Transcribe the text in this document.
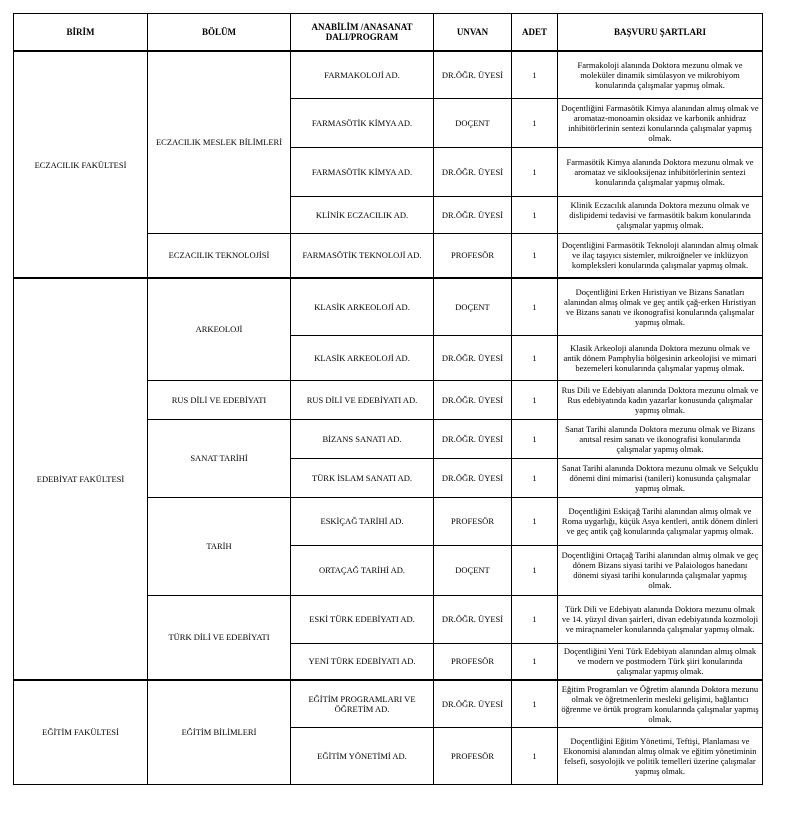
BİRİM	BÖLÜM	ANABİLİM /ANASANAT DALI/PROGRAM	UNVAN	ADET	BAŞVURU ŞARTLARI
ECZACILIK FAKÜLTESİ	ECZACILIK MESLEK BİLİMLERİ	FARMAKOLOJİ AD.	DR.ÖĞR. ÜYESİ	1	Farmakoloji alanında Doktora mezunu olmak ve moleküler dinamik simülasyon ve mikrobiyom konularında çalışmalar yapmış olmak.
		FARMASÖTİK KİMYA AD.	DOÇENT	1	Doçentliğini Farmasötik Kimya alanından almış olmak ve aromataz-monoamin oksidaz ve karbonik anhidraz inhibitörlerinin sentezi konularında çalışmalar yapmış olmak.
		FARMASÖTİK KİMYA AD.	DR.ÖĞR. ÜYESİ	1	Farmasötik Kimya alanında Doktora mezunu olmak ve aromataz ve siklooksijenaz inhibitörlerinin sentezi konularında çalışmalar yapmış olmak.
		KLİNİK ECZACILIK AD.	DR.ÖĞR. ÜYESİ	1	Klinik Eczacılık alanında Doktora mezunu olmak ve dislipidemi tedavisi ve farmasötik bakım konularında çalışmalar yapmış olmak.
	ECZACILIK TEKNOLOJİSİ	FARMASÖTİK TEKNOLOJİ AD.	PROFESÖR	1	Doçentliğini Farmasötik Teknoloji alanından almış olmak ve ilaç taşıyıcı sistemler, mikroiğneler ve inklüzyon kompleksleri konularında çalışmalar yapmış olmak.
EDEBİYAT FAKÜLTESİ	ARKEOLOJİ	KLASİK ARKEOLOJİ AD.	DOÇENT	1	Doçentliğini Erken Hıristiyan ve Bizans Sanatları alanından almış olmak ve geç antik çağ-erken Hıristiyan ve Bizans sanatı ve ikonografisi konularında çalışmalar yapmış olmak.
		KLASİK ARKEOLOJİ AD.	DR.ÖĞR. ÜYESİ	1	Klasik Arkeoloji alanında Doktora mezunu olmak ve antik dönem Pamphylia bölgesinin arkeolojisi ve mimari bezemeleri konularında çalışmalar yapmış olmak.
	RUS DİLİ VE EDEBİYATI	RUS DİLİ VE EDEBİYATI AD.	DR.ÖĞR. ÜYESİ	1	Rus Dili ve Edebiyatı alanında Doktora mezunu olmak ve Rus edebiyatında kadın yazarlar konusunda çalışmalar yapmış olmak.
	SANAT TARİHİ	BİZANS SANATI AD.	DR.ÖĞR. ÜYESİ	1	Sanat Tarihi alanında Doktora mezunu olmak ve Bizans anıtsal resim sanatı ve ikonografisi konularında çalışmalar yapmış olmak.
		TÜRK İSLAM SANATI AD.	DR.ÖĞR. ÜYESİ	1	Sanat Tarihi alanında Doktora mezunu olmak ve Selçuklu dönemi dini mimarisi (tanileri) konusunda çalışmalar yapmış olmak.
	TARİH	ESKİÇAĞ TARİHİ AD.	PROFESÖR	1	Doçentliğini Eskiçağ Tarihi alanından almış olmak ve Roma uygarlığı, küçük Asya kentleri, antik dönem dinleri ve geç antik çağ konularında çalışmalar yapmış olmak.
		ORTAÇAĞ TARİHİ AD.	DOÇENT	1	Doçentliğini Ortaçağ Tarihi alanından almış olmak ve geç dönem Bizans siyasi tarihi ve Palaiologos hanedanı dönemi siyasi tarihi konularında çalışmalar yapmış olmak.
	TÜRK DİLİ VE EDEBİYATI	ESKİ TÜRK EDEBİYATI AD.	DR.ÖĞR. ÜYESİ	1	Türk Dili ve Edebiyatı alanında Doktora mezunu olmak ve 14. yüzyıl divan şairleri, divan edebiyatında kozmoloji ve miraçnameler konularında çalışmalar yapmış olmak.
		YENİ TÜRK EDEBİYATI AD.	PROFESÖR	1	Doçentliğini Yeni Türk Edebiyatı alanından almış olmak ve modern ve postmodern Türk şiiri konularında çalışmalar yapmış olmak.
EĞİTİM FAKÜLTESİ	EĞİTİM BİLİMLERİ	EĞİTİM PROGRAMLARI VE ÖĞRETİM AD.	DR.ÖĞR. ÜYESİ	1	Eğitim Programları ve Öğretim alanında Doktora mezunu olmak ve öğretmenlerin mesleki gelişimi, bağlantıcı öğrenme ve örtük program konularında çalışmalar yapmış olmak.
		EĞİTİM YÖNETİMİ AD.	PROFESÖR	1	Doçentliğini Eğitim Yönetimi, Teftişi, Planlaması ve Ekonomisi alanından almış olmak ve eğitim yönetiminin felsefi, sosyolojik ve politik temelleri üzerine çalışmalar yapmış olmak.
